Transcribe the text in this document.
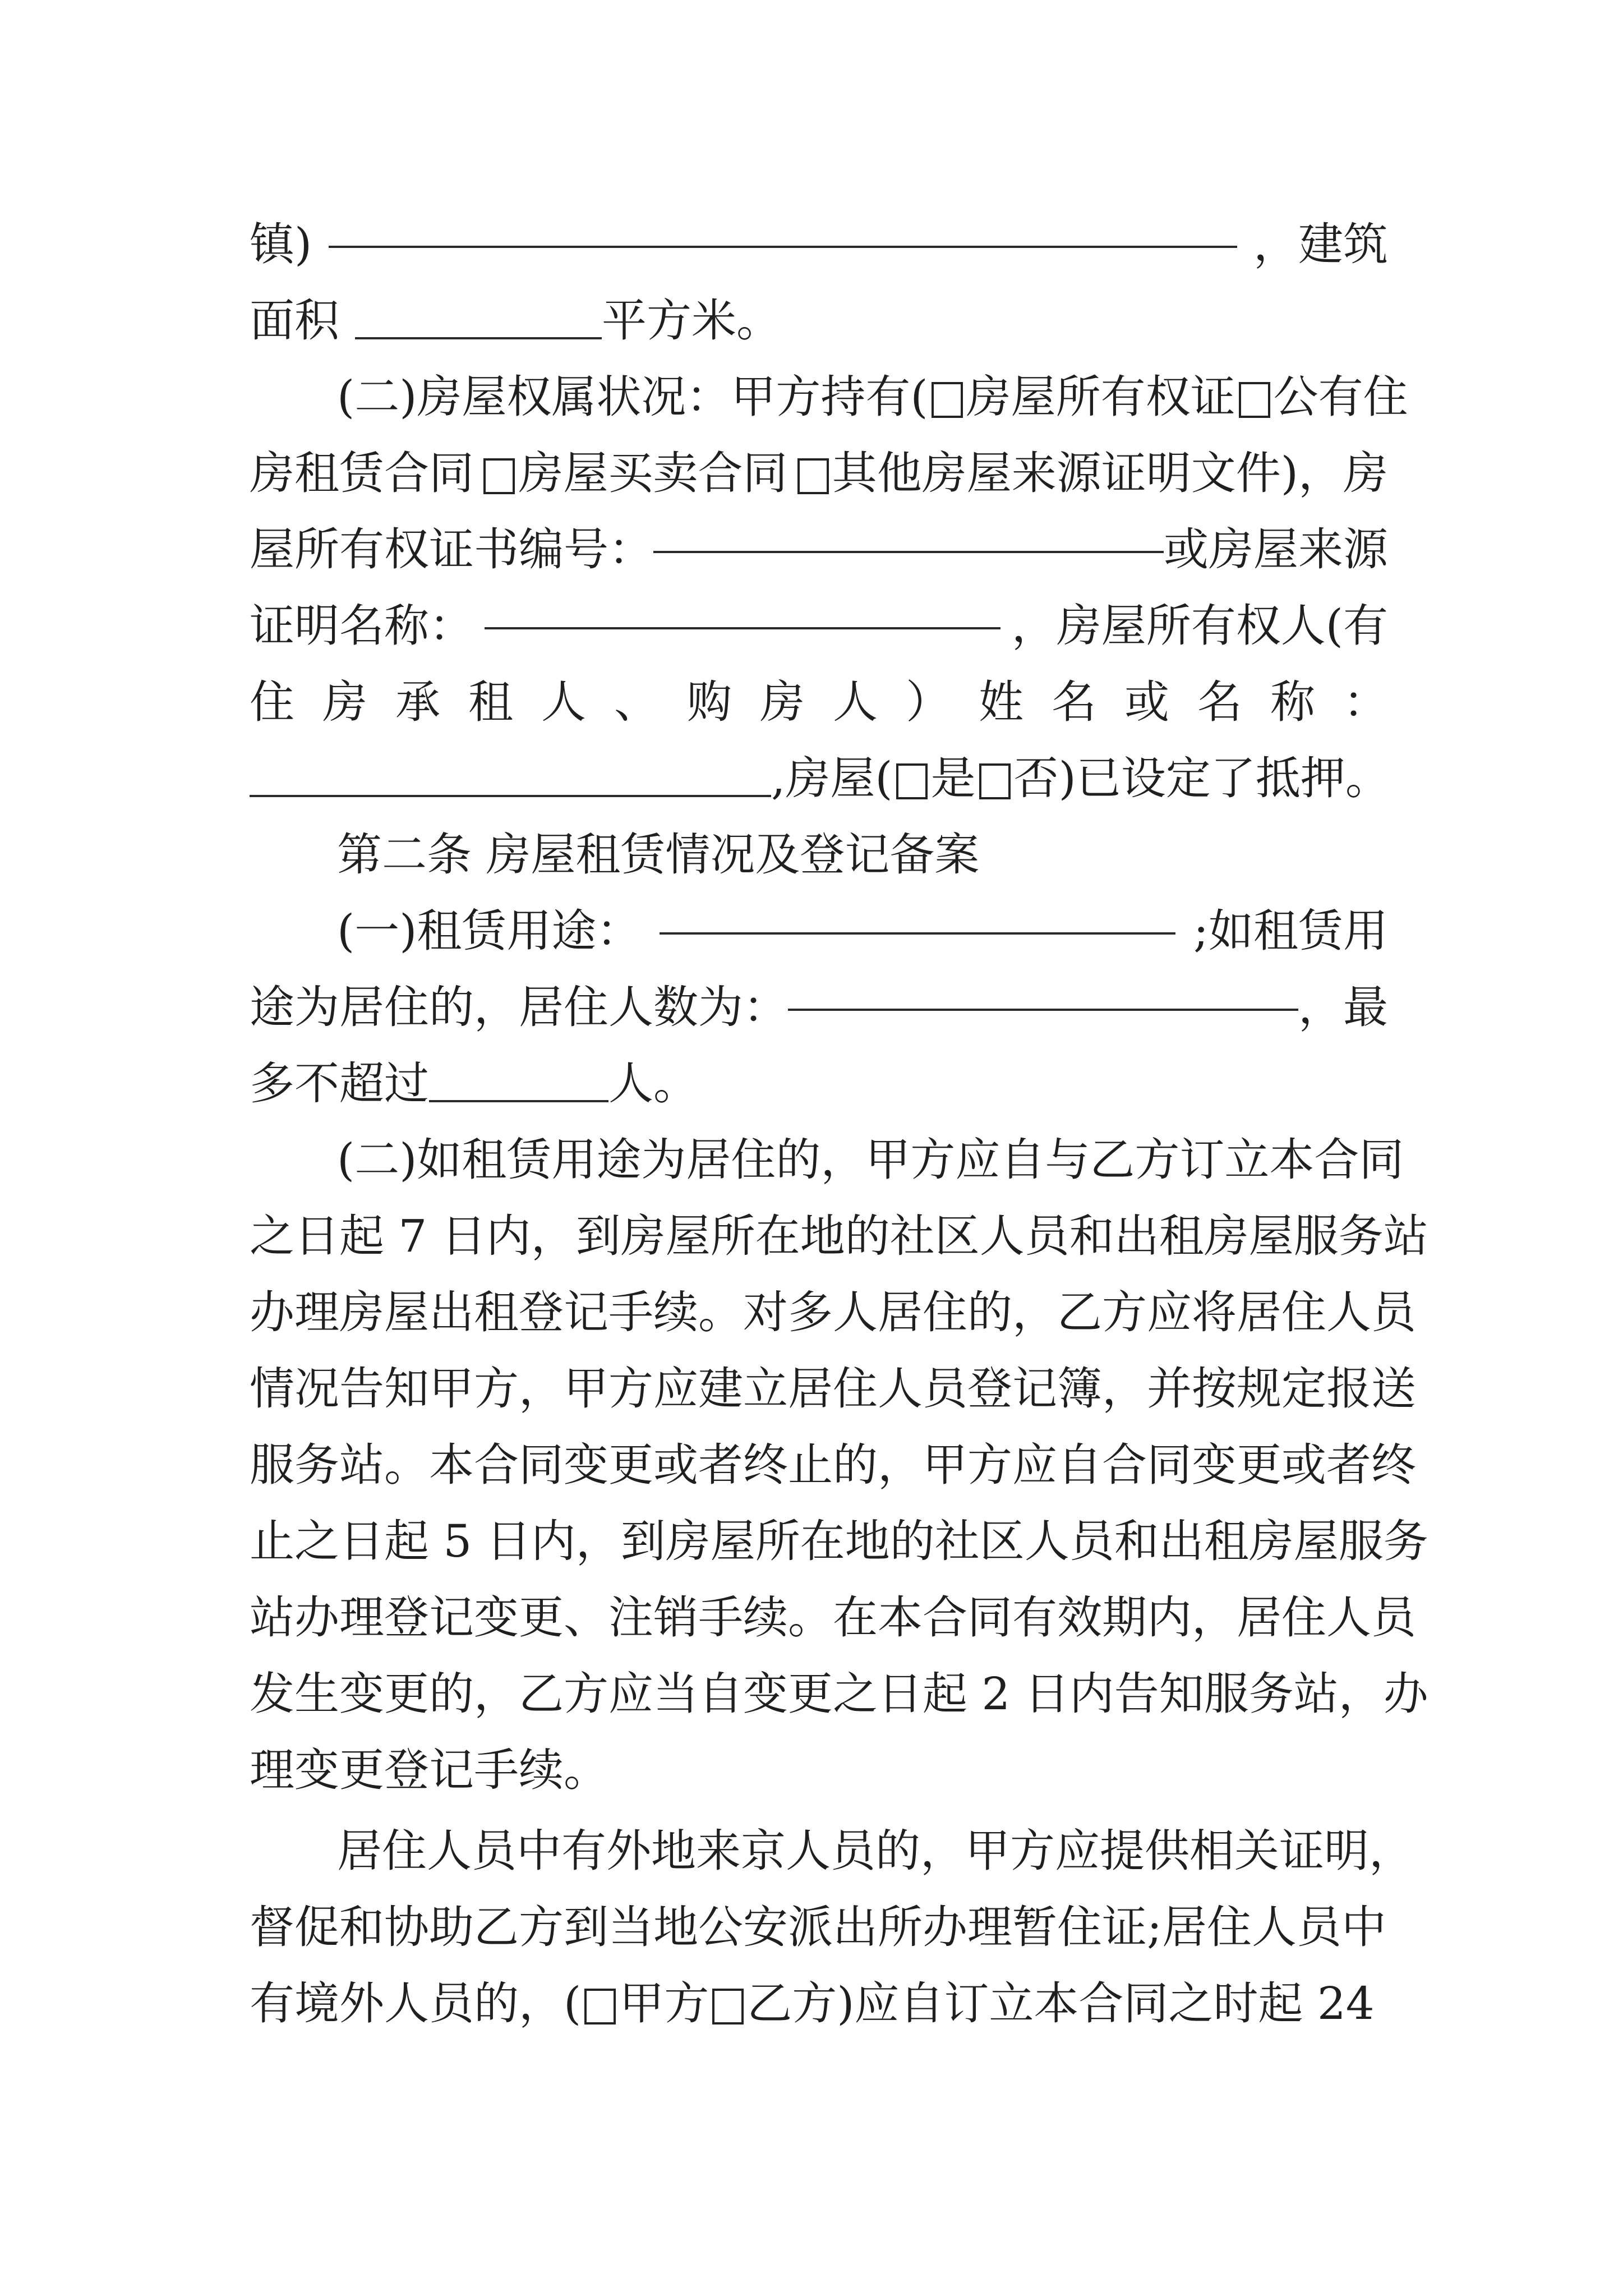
镇)	，建筑
面积	平方米。
(二)房屋权属状况：甲方持有( 房屋所有权证 公有住
房租赁合同 房屋买卖合同 其他房屋来源证明文件)，房
屋所有权证书编号：	或房屋来源
证明名称：	，房屋所有权人(有
住 房 承 租 人 、 购 房 人 ） 姓 名 或 名 称 ：
,房屋( 是 否)已设定了抵押。
第二条 房屋租赁情况及登记备案
(一)租赁用途：	;如租赁用
途为居住的，居住人数为：	，最
多不超过	人。
(二)如租赁用途为居住的，甲方应自与乙方订立本合同
之日起 7 日内，到房屋所在地的社区人员和出租房屋服务站
办理房屋出租登记手续。对多人居住的，乙方应将居住人员
情况告知甲方，甲方应建立居住人员登记簿，并按规定报送
服务站。本合同变更或者终止的，甲方应自合同变更或者终
止之日起 5 日内，到房屋所在地的社区人员和出租房屋服务
站办理登记变更、注销手续。在本合同有效期内，居住人员
发生变更的，乙方应当自变更之日起 2 日内告知服务站，办
理变更登记手续。
居住人员中有外地来京人员的，甲方应提供相关证明，
督促和协助乙方到当地公安派出所办理暂住证;居住人员中
有境外人员的，( 甲方 乙方)应自订立本合同之时起 24
